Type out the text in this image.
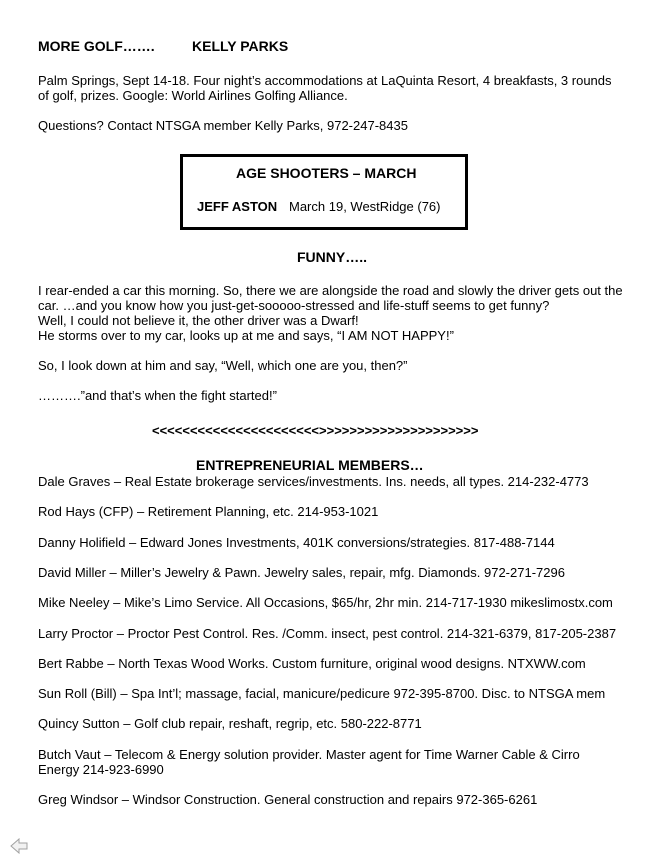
MORE GOLF…….	KELLY PARKS
Palm Springs, Sept 14-18. Four night’s accommodations at LaQuinta Resort, 4 breakfasts, 3 rounds
of golf, prizes. Google: World Airlines Golfing Alliance.
Questions? Contact NTSGA member Kelly Parks, 972-247-8435
AGE SHOOTERS – MARCH
JEFF ASTON March 19, WestRidge (76)
FUNNY…..
I rear-ended a car this morning. So, there we are alongside the road and slowly the driver gets out the
car. …and you know how you just-get-sooooo-stressed and life-stuff seems to get funny?
Well, I could not believe it, the other driver was a Dwarf!
He storms over to my car, looks up at me and says, “I AM NOT HAPPY!”
So, I look down at him and say, “Well, which one are you, then?”
……….”and that’s when the fight started!”
<<<<<<<<<<<<<<<<<<<<<<>>>>>>>>>>>>>>>>>>>>>
ENTREPRENEURIAL MEMBERS…
Dale Graves – Real Estate brokerage services/investments. Ins. needs, all types. 214-232-4773
Rod Hays (CFP) – Retirement Planning, etc. 214-953-1021
Danny Holifield – Edward Jones Investments, 401K conversions/strategies. 817-488-7144
David Miller – Miller’s Jewelry & Pawn. Jewelry sales, repair, mfg. Diamonds. 972-271-7296
Mike Neeley – Mike’s Limo Service. All Occasions, $65/hr, 2hr min. 214-717-1930 mikeslimostx.com
Larry Proctor – Proctor Pest Control. Res. /Comm. insect, pest control. 214-321-6379, 817-205-2387
Bert Rabbe – North Texas Wood Works. Custom furniture, original wood designs. NTXWW.com
Sun Roll (Bill) – Spa Int’l; massage, facial, manicure/pedicure 972-395-8700. Disc. to NTSGA mem
Quincy Sutton – Golf club repair, reshaft, regrip, etc. 580-222-8771
Butch Vaut – Telecom & Energy solution provider. Master agent for Time Warner Cable & Cirro
Energy 214-923-6990
Greg Windsor – Windsor Construction. General construction and repairs 972-365-6261
